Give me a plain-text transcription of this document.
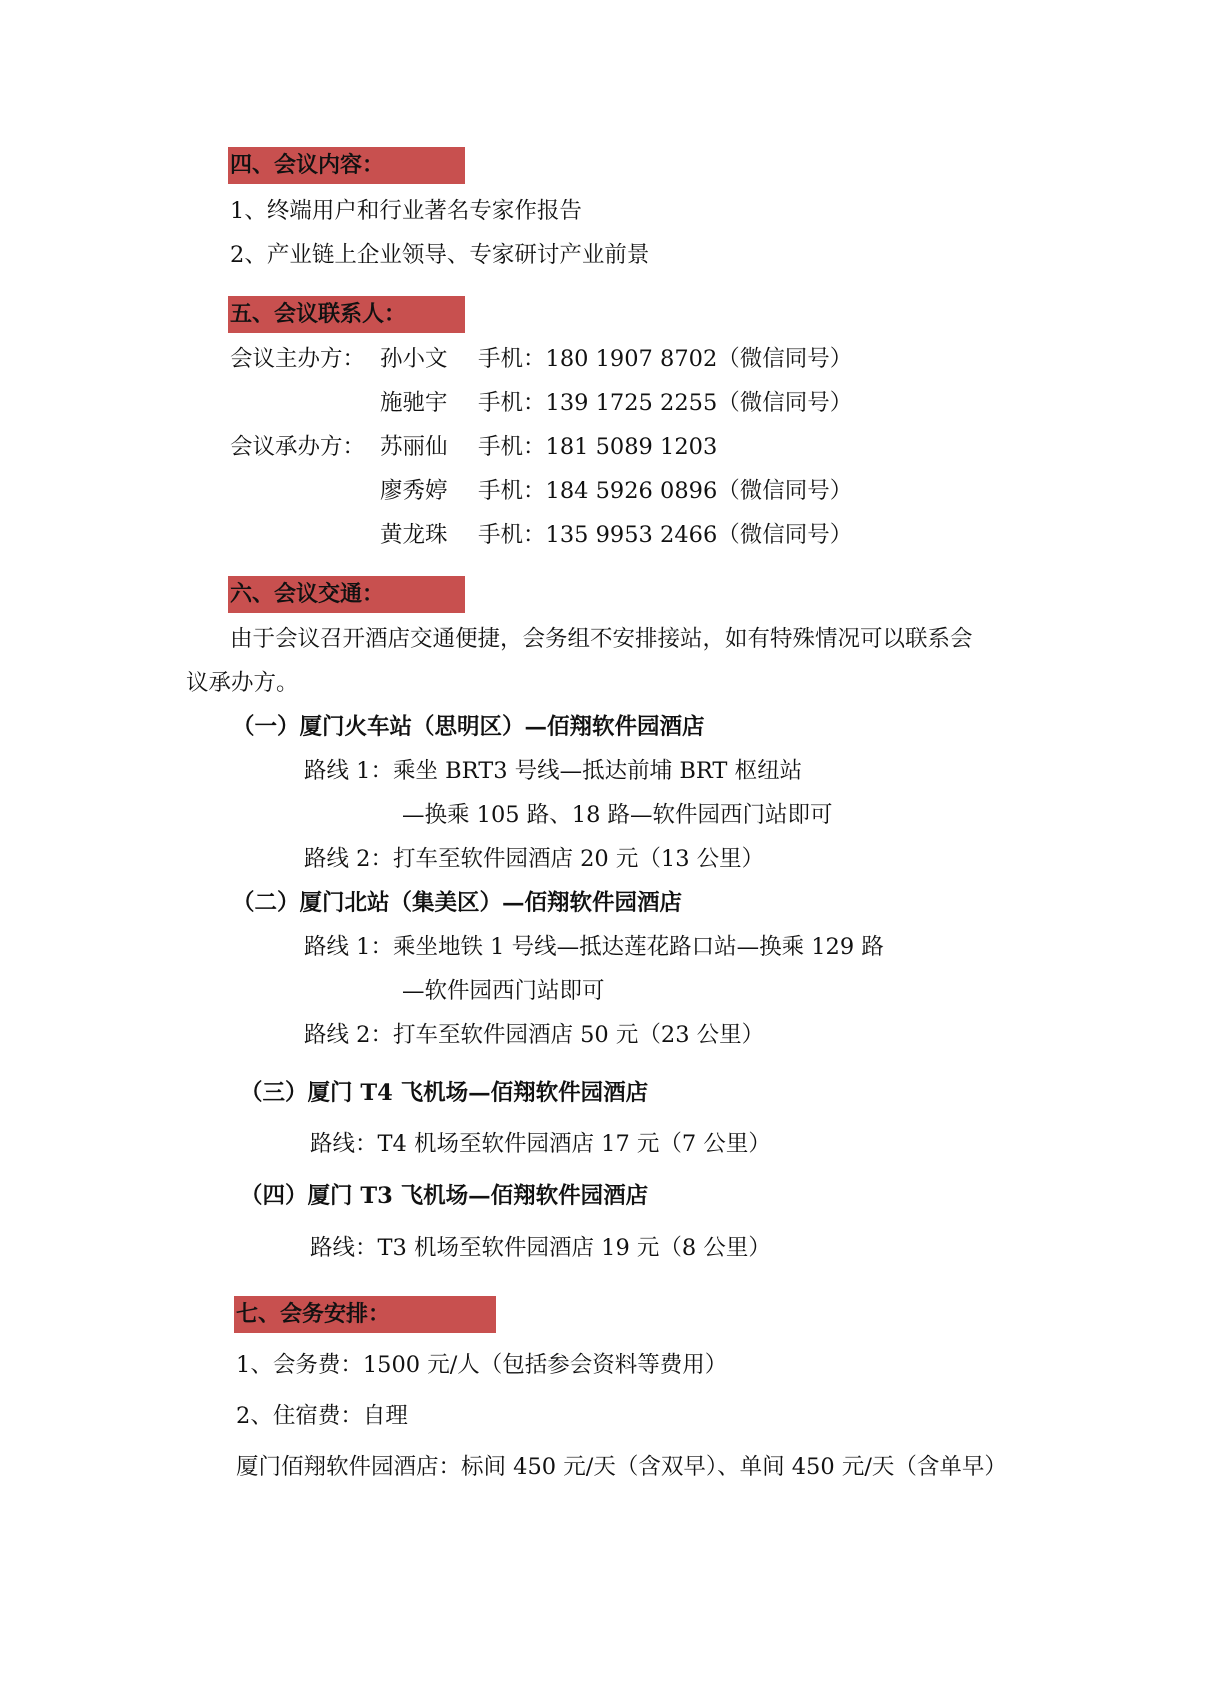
四、会议内容：
1、终端用户和行业著名专家作报告
2、产业链上企业领导、专家研讨产业前景
五、会议联系人：
会议主办方： 孙小文 手机：180 1907 8702（微信同号）
施驰宇 手机：139 1725 2255（微信同号）
会议承办方： 苏丽仙 手机：181 5089 1203
廖秀婷 手机：184 5926 0896（微信同号）
黄龙珠 手机：135 9953 2466（微信同号）
六、会议交通：
由于会议召开酒店交通便捷，会务组不安排接站，如有特殊情况可以联系会
议承办方。
（一）厦门火车站（思明区）—佰翔软件园酒店
路线 1：乘坐 BRT3 号线—抵达前埔 BRT 枢纽站
—换乘 105 路、18 路—软件园西门站即可
路线 2：打车至软件园酒店 20 元（13 公里）
（二）厦门北站（集美区）—佰翔软件园酒店
路线 1：乘坐地铁 1 号线—抵达莲花路口站—换乘 129 路
—软件园西门站即可
路线 2：打车至软件园酒店 50 元（23 公里）
（三）厦门 T4 飞机场—佰翔软件园酒店
路线：T4 机场至软件园酒店 17 元（7 公里）
（四）厦门 T3 飞机场—佰翔软件园酒店
路线：T3 机场至软件园酒店 19 元（8 公里）
七、会务安排：
1、会务费：1500 元/人（包括参会资料等费用）
2、住宿费：自理
厦门佰翔软件园酒店：标间 450 元/天（含双早）、单间 450 元/天（含单早）
